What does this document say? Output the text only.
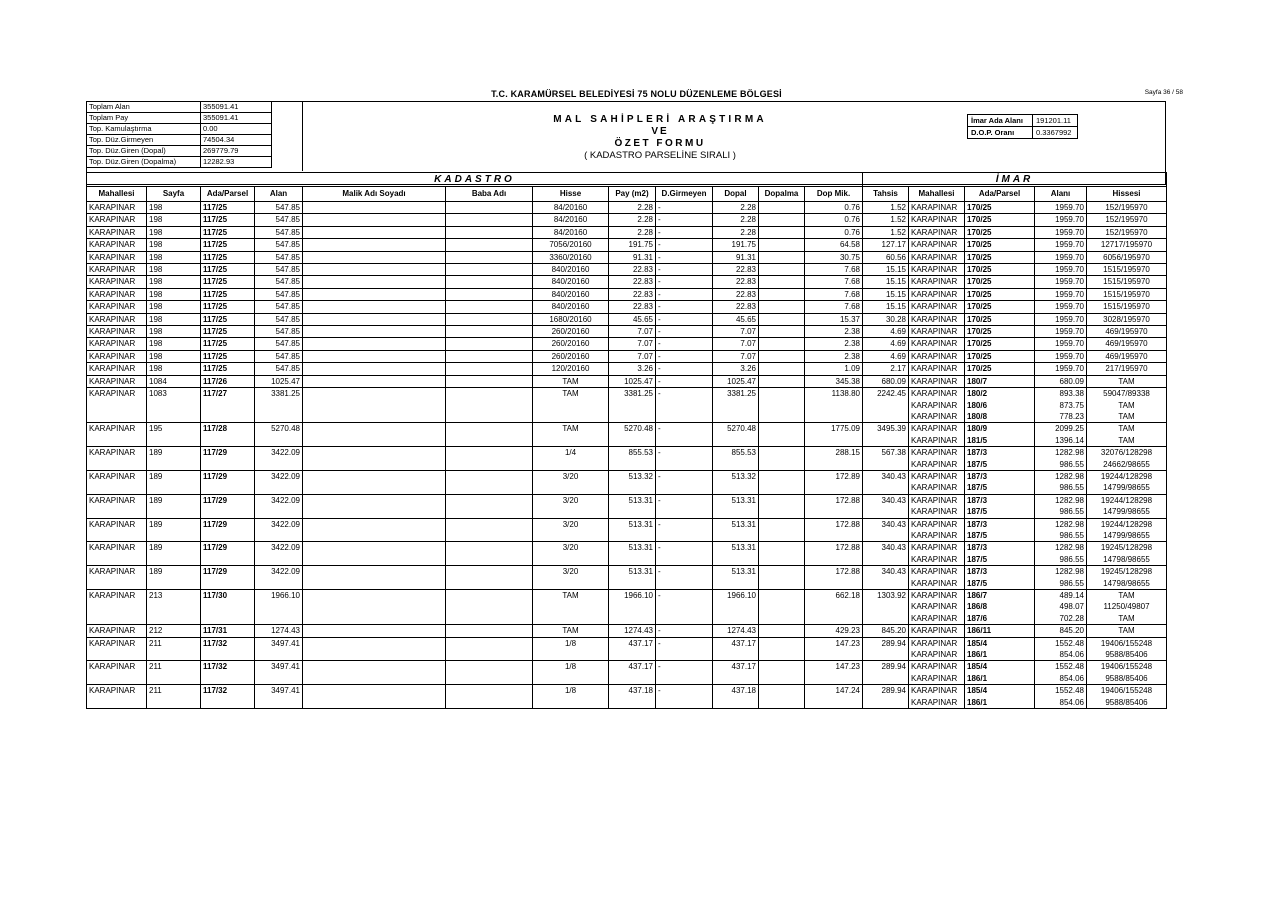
T.C. KARAMÜRSEL BELEDİYESİ 75 NOLU DÜZENLEME BÖLGESİ	Sayfa 36 / 58
Toplam Alan	355091.41
Toplam Pay	355091.41
Top. Kamulaştırma	0.00
Top. Düz.Girmeyen	74504.34
Top. Düz.Giren (Dopal)	269779.79
Top. Düz.Giren (Dopalma)	12282.93
MAL SAHİPLERİ ARAŞTIRMA
VE
ÖZET FORMU
( KADASTRO PARSELİNE SIRALI )
İmar Ada Alanı	191201.11
D.O.P. Oranı	0.3367992
KADASTRO												İMAR				
Mahallesi	Sayfa	Ada/Parsel	Alan	Malik Adı Soyadı	Baba Adı	Hisse	Pay (m2)	D.Girmeyen	Dopal	Dopalma	Dop Mik.	Tahsis	Mahallesi	Ada/Parsel	Alanı	Hissesi
KARAPINAR	198	117/25	547.85			84/20160	2.28	-	2.28		0.76	1.52	KARAPINAR	170/25	1959.70	152/195970
KARAPINAR	198	117/25	547.85			84/20160	2.28	-	2.28		0.76	1.52	KARAPINAR	170/25	1959.70	152/195970
KARAPINAR	198	117/25	547.85			84/20160	2.28	-	2.28		0.76	1.52	KARAPINAR	170/25	1959.70	152/195970
KARAPINAR	198	117/25	547.85			7056/20160	191.75	-	191.75		64.58	127.17	KARAPINAR	170/25	1959.70	12717/195970
KARAPINAR	198	117/25	547.85			3360/20160	91.31	-	91.31		30.75	60.56	KARAPINAR	170/25	1959.70	6056/195970
KARAPINAR	198	117/25	547.85			840/20160	22.83	-	22.83		7.68	15.15	KARAPINAR	170/25	1959.70	1515/195970
KARAPINAR	198	117/25	547.85			840/20160	22.83	-	22.83		7.68	15.15	KARAPINAR	170/25	1959.70	1515/195970
KARAPINAR	198	117/25	547.85			840/20160	22.83	-	22.83		7.68	15.15	KARAPINAR	170/25	1959.70	1515/195970
KARAPINAR	198	117/25	547.85			840/20160	22.83	-	22.83		7.68	15.15	KARAPINAR	170/25	1959.70	1515/195970
KARAPINAR	198	117/25	547.85			1680/20160	45.65	-	45.65		15.37	30.28	KARAPINAR	170/25	1959.70	3028/195970
KARAPINAR	198	117/25	547.85			260/20160	7.07	-	7.07		2.38	4.69	KARAPINAR	170/25	1959.70	469/195970
KARAPINAR	198	117/25	547.85			260/20160	7.07	-	7.07		2.38	4.69	KARAPINAR	170/25	1959.70	469/195970
KARAPINAR	198	117/25	547.85			260/20160	7.07	-	7.07		2.38	4.69	KARAPINAR	170/25	1959.70	469/195970
KARAPINAR	198	117/25	547.85			120/20160	3.26	-	3.26		1.09	2.17	KARAPINAR	170/25	1959.70	217/195970
KARAPINAR	1084	117/26	1025.47			TAM	1025.47	-	1025.47		345.38	680.09	KARAPINAR	180/7	680.09	TAM
KARAPINAR	1083	117/27	3381.25			TAM	3381.25	-	3381.25		1138.80	2242.45	KARAPINAR	180/2	893.38	59047/89338
													KARAPINAR	180/6	873.75	TAM
													KARAPINAR	180/8	778.23	TAM
KARAPINAR	195	117/28	5270.48			TAM	5270.48	-	5270.48		1775.09	3495.39	KARAPINAR	180/9	2099.25	TAM
													KARAPINAR	181/5	1396.14	TAM
KARAPINAR	189	117/29	3422.09			1/4	855.53	-	855.53		288.15	567.38	KARAPINAR	187/3	1282.98	32076/128298
													KARAPINAR	187/5	986.55	24662/98655
KARAPINAR	189	117/29	3422.09			3/20	513.32	-	513.32		172.89	340.43	KARAPINAR	187/3	1282.98	19244/128298
													KARAPINAR	187/5	986.55	14799/98655
KARAPINAR	189	117/29	3422.09			3/20	513.31	-	513.31		172.88	340.43	KARAPINAR	187/3	1282.98	19244/128298
													KARAPINAR	187/5	986.55	14799/98655
KARAPINAR	189	117/29	3422.09			3/20	513.31	-	513.31		172.88	340.43	KARAPINAR	187/3	1282.98	19244/128298
													KARAPINAR	187/5	986.55	14799/98655
KARAPINAR	189	117/29	3422.09			3/20	513.31	-	513.31		172.88	340.43	KARAPINAR	187/3	1282.98	19245/128298
													KARAPINAR	187/5	986.55	14798/98655
KARAPINAR	189	117/29	3422.09			3/20	513.31	-	513.31		172.88	340.43	KARAPINAR	187/3	1282.98	19245/128298
													KARAPINAR	187/5	986.55	14798/98655
KARAPINAR	213	117/30	1966.10			TAM	1966.10	-	1966.10		662.18	1303.92	KARAPINAR	186/7	489.14	TAM
													KARAPINAR	186/8	498.07	11250/49807
													KARAPINAR	187/6	702.28	TAM
KARAPINAR	212	117/31	1274.43			TAM	1274.43	-	1274.43		429.23	845.20	KARAPINAR	186/11	845.20	TAM
KARAPINAR	211	117/32	3497.41			1/8	437.17	-	437.17		147.23	289.94	KARAPINAR	185/4	1552.48	19406/155248
													KARAPINAR	186/1	854.06	9588/85406
KARAPINAR	211	117/32	3497.41			1/8	437.17	-	437.17		147.23	289.94	KARAPINAR	185/4	1552.48	19406/155248
													KARAPINAR	186/1	854.06	9588/85406
KARAPINAR	211	117/32	3497.41			1/8	437.18	-	437.18		147.24	289.94	KARAPINAR	185/4	1552.48	19406/155248
													KARAPINAR	186/1	854.06	9588/85406
